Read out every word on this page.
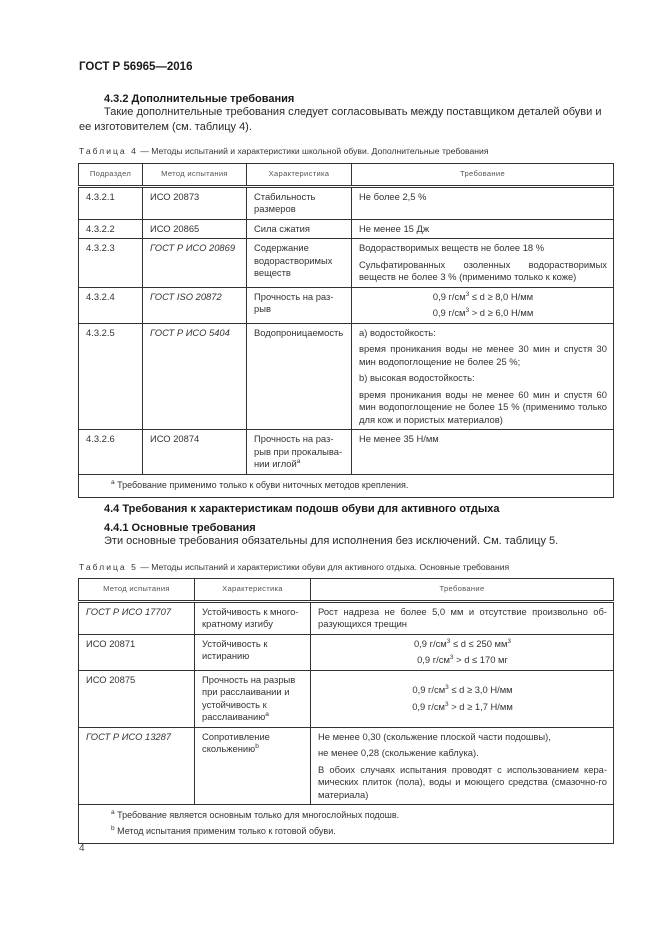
ГОСТ Р 56965—2016
4.3.2 Дополнительные требования
Такие дополнительные требования следует согласовывать между поставщиком деталей обуви и ее изготовителем (см. таблицу 4).
Таблица 4 — Методы испытаний и характеристики школьной обуви. Дополнительные требования
Подраздел	Метод испытания	Характеристика	Требование
4.3.2.1	ИСО 20873	Стабильность размеров	Не более 2,5 %
4.3.2.2	ИСО 20865	Сила сжатия	Не менее 15 Дж
4.3.2.3	ГОСТ Р ИСО 20869	Содержание водорастворимых веществ	Водорастворимых веществ не более 18 %
Сульфатированных озоленных водорастворимых веществ не более 3 % (применимо только к коже)

4.3.2.4	ГОСТ ISO 20872	Прочность на раз-рыв	0,9 $г/см^3 \le d \ge 8,0$ Н/мм
0,9 $г/см^3 > d \ge 6,0$ Н/мм

4.3.2.5	ГОСТ Р ИСО 5404	Водопроницаемость	a) водостойкость:
время проникания воды не менее 30 мин и спустя 30 мин водопоглощение не более 25 %;
b) высокая водостойкость:
время проникания воды не менее 60 мин и спустя 60 мин водопоглощение не более 15 % (применимо только для кож и пористых материалов)

4.3.2.6	ИСО 20874	Прочность на раз-рыв при прокалыва-нии иглой$^a$	Не менее 35 Н/мм

$^a$ Требование применимо только к обуви ниточных методов крепления.			
4.4 Требования к характеристикам подошв обуви для активного отдыха
4.4.1 Основные требования
Эти основные требования обязательны для исполнения без исключений. См. таблицу 5.
Таблица 5 — Методы испытаний и характеристики обуви для активного отдыха. Основные требования
Метод испытания	Характеристика	Требование
ГОСТ Р ИСО 17707	Устойчивость к много-кратному изгибу	Рост надреза не более 5,0 мм и отсутствие произвольно об-разующихся трещин
ИСО 20871	Устойчивость к истиранию	0,9 $г/см^3 \le d \le 250$ $мм^3$
0,9 $г/см^3 > d \le 170$ мг

ИСО 20875	Прочность на разрыв при расслаивании и устойчивость к расслаиванию$^a$	0,9 $г/см^3 \le d \ge 3,0$ Н/мм
0,9 $г/см^3 > d \ge 1,7$ Н/мм

ГОСТ Р ИСО 13287	Сопротивление скольжению$^b$	Не менее 0,30 (скольжение плоской части подошвы),
не менее 0,28 (скольжение каблука).
В обоих случаях испытания проводят с использованием кера-мических плиток (пола), воды и моющего средства (смазочно-го материала)

$^a$ Требование является основным только для многослойных подошв.
$^b$ Метод испытания применим только к готовой обуви.		
4
